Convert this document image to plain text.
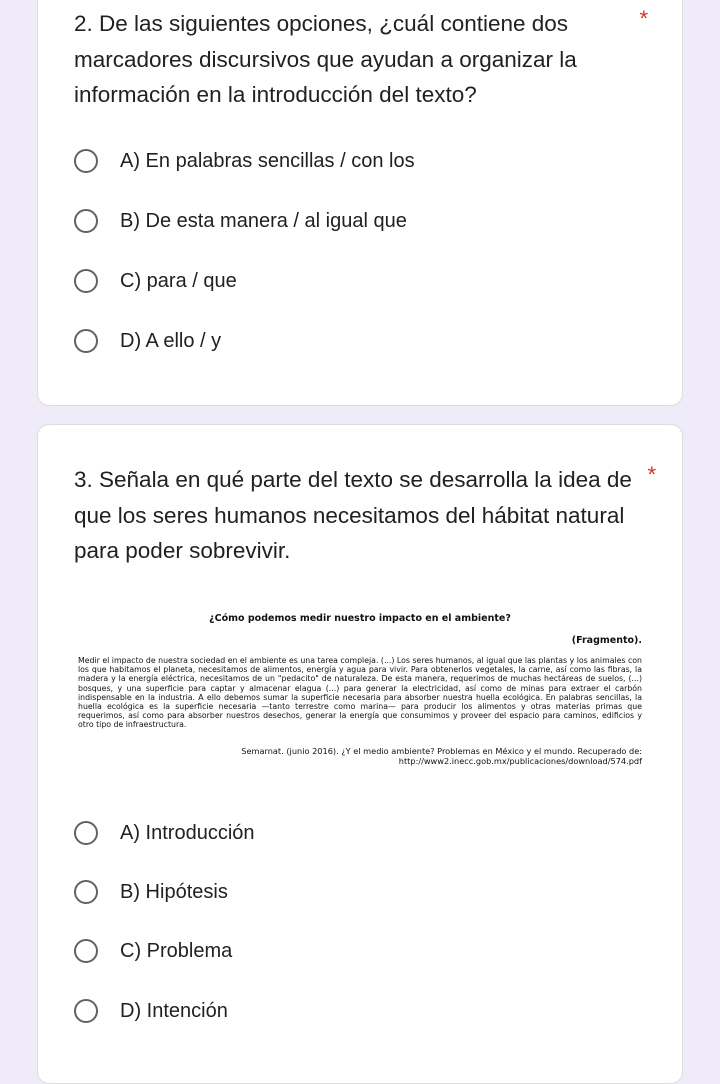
2. De las siguientes opciones, ¿cuál contiene dos marcadores discursivos que ayudan a organizar la información en la introducción del texto?

*
A) En palabras sencillas / con los
B) De esta manera / al igual que
C) para / que
D) A ello / y

3. Señala en qué parte del texto se desarrolla la idea de que los seres humanos necesitamos del hábitat natural para poder sobrevivir.

*

¿Cómo podemos medir nuestro impacto en el ambiente?

(Fragmento).

Medir el impacto de nuestra sociedad en el ambiente es una tarea compleja. (...) Los seres humanos, al igual que las plantas y los animales con los que habitamos el planeta, necesitamos de alimentos, energía y agua para vivir. Para obtenerlos vegetales, la carne, así como las fibras, la madera y la energía eléctrica, necesitamos de un "pedacito" de naturaleza. De esta manera, requerimos de muchas hectáreas de suelos, (...) bosques, y una superficie para captar y almacenar elagua (...) para generar la electricidad, así como de minas para extraer el carbón indispensable en la industria. A ello debemos sumar la superficie necesaria para absorber nuestra huella ecológica. En palabras sencillas, la huella ecológica es la superficie necesaria —tanto terrestre como marina— para producir los alimentos y otras materias primas que requerimos, así como para absorber nuestros desechos, generar la energía que consumimos y proveer del espacio para caminos, edificios y otro tipo de infraestructura.

Semarnat. (junio 2016). ¿Y el medio ambiente? Problemas en México y el mundo. Recuperado de:
http://www2.inecc.gob.mx/publicaciones/download/574.pdf

A) Introducción
B) Hipótesis
C) Problema
D) Intención
